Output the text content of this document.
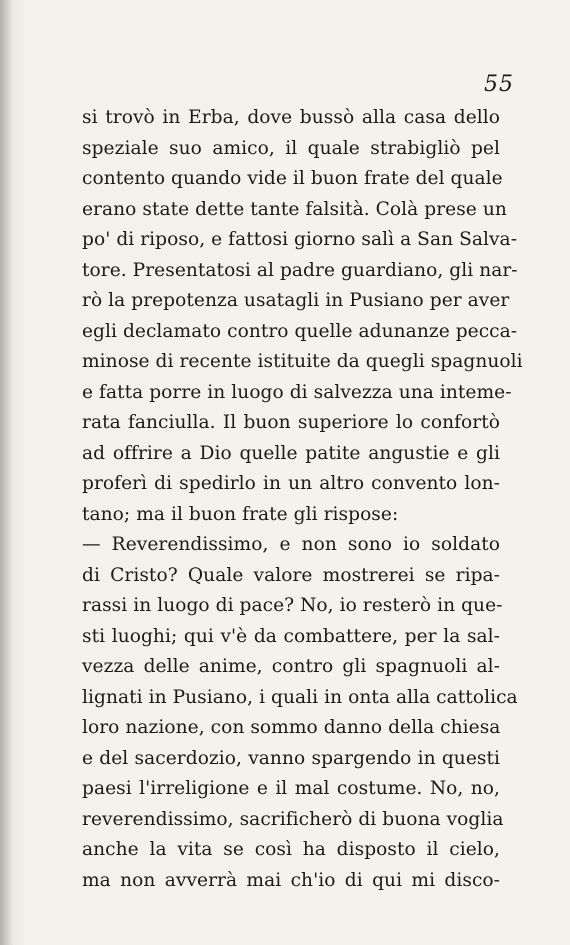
55
si trovò in Erba, dove bussò alla casa dello
speziale suo amico, il quale strabigliò pel
contento quando vide il buon frate del quale
erano state dette tante falsità. Colà prese un
po' di riposo, e fattosi giorno salì a San Salva-
tore. Presentatosi al padre guardiano, gli nar-
rò la prepotenza usatagli in Pusiano per aver
egli declamato contro quelle adunanze pecca-
minose di recente istituite da quegli spagnuoli
e fatta porre in luogo di salvezza una inteme-
rata fanciulla. Il buon superiore lo confortò
ad offrire a Dio quelle patite angustie e gli
proferì di spedirlo in un altro convento lon-
tano; ma il buon frate gli rispose:
— Reverendissimo, e non sono io soldato
di Cristo? Quale valore mostrerei se ripa-
rassi in luogo di pace? No, io resterò in que-
sti luoghi; qui v'è da combattere, per la sal-
vezza delle anime, contro gli spagnuoli al-
lignati in Pusiano, i quali in onta alla cattolica
loro nazione, con sommo danno della chiesa
e del sacerdozio, vanno spargendo in questi
paesi l'irreligione e il mal costume. No, no,
reverendissimo, sacrificherò di buona voglia
anche la vita se così ha disposto il cielo,
ma non avverrà mai ch'io di qui mi disco-
